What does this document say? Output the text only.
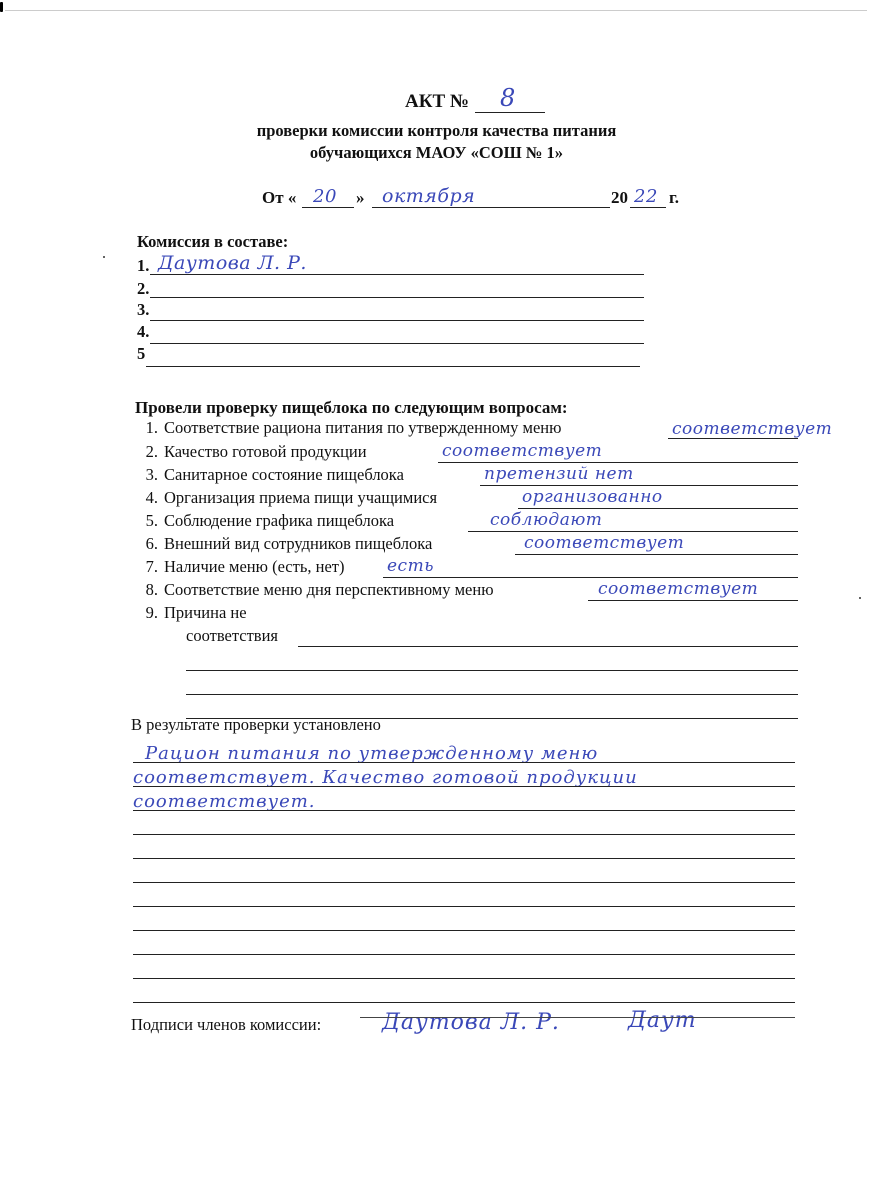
АКТ № 8
проверки комиссии контроля качества питания
обучающихся МАОУ «СОШ № 1»
От « 20 » октября	20 22 г.
Комиссия в составе:
1. Даутова Л. Р.
2.
3.
4.
5
Провели проверку пищеблока по следующим вопросам:
1. Соответствие рациона питания по утвержденному меню	соответствует
2. Качество готовой продукции	соответствует
3. Санитарное состояние пищеблока	претензий нет
4. Организация приема пищи учащимися	организованно
5. Соблюдение графика пищеблока	соблюдают
6. Внешний вид сотрудников пищеблока	соответствует
7. Наличие меню (есть, нет)	есть
8. Соответствие меню дня перспективному меню	соответствует
9. Причина не
соответствия
В результате проверки установлено
Рацион питания по утвержденному меню
соответствует. Качество готовой продукции
соответствует.
Подписи членов комиссии:	Даутова Л. Р.	Даут
